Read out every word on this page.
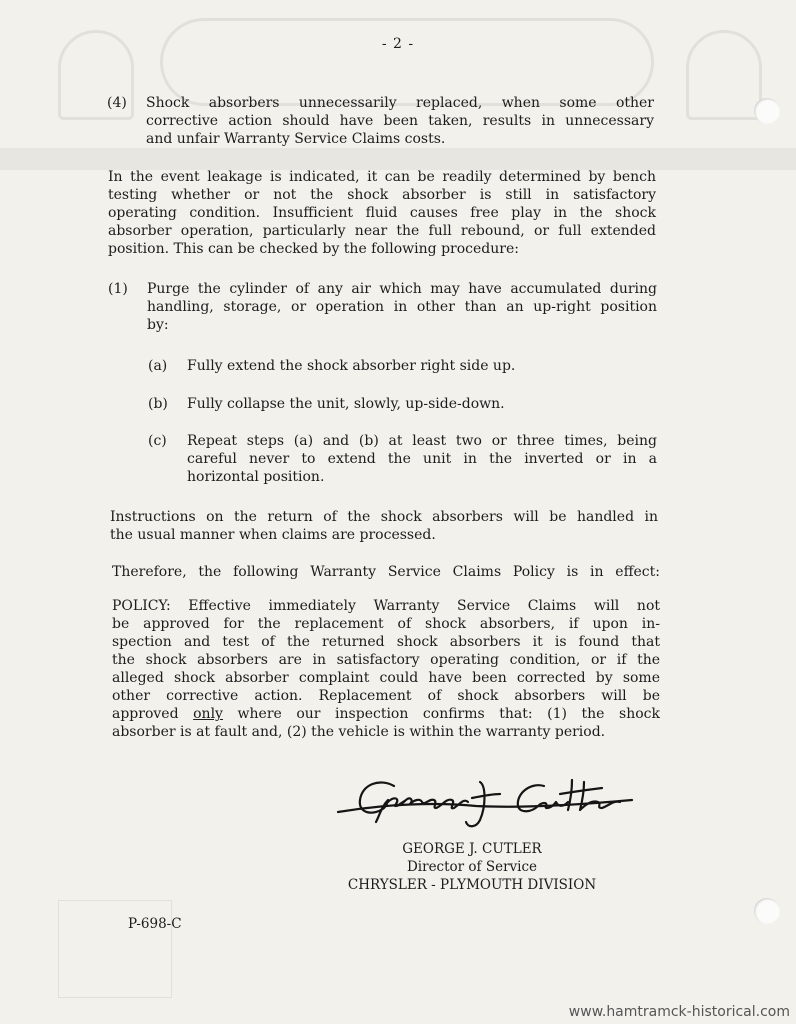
- 2 -
(4) Shock absorbers unnecessarily replaced, when some other
corrective action should have been taken, results in unnecessary
and unfair Warranty Service Claims costs.
In the event leakage is indicated, it can be readily determined by bench
testing whether or not the shock absorber is still in satisfactory
operating condition. Insufficient fluid causes free play in the shock
absorber operation, particularly near the full rebound, or full extended
position. This can be checked by the following procedure:
(1) Purge the cylinder of any air which may have accumulated during
handling, storage, or operation in other than an up-right position
by:
(a) Fully extend the shock absorber right side up.
(b) Fully collapse the unit, slowly, up-side-down.
(c) Repeat steps (a) and (b) at least two or three times, being
careful never to extend the unit in the inverted or in a
horizontal position.
Instructions on the return of the shock absorbers will be handled in
the usual manner when claims are processed.
Therefore, the following Warranty Service Claims Policy is in effect:
POLICY: Effective immediately Warranty Service Claims will not
be approved for the replacement of shock absorbers, if upon in-
spection and test of the returned shock absorbers it is found that
the shock absorbers are in satisfactory operating condition, or if the
alleged shock absorber complaint could have been corrected by some
other corrective action. Replacement of shock absorbers will be
approved only where our inspection confirms that: (1) the shock
absorber is at fault and, (2) the vehicle is within the warranty period.
GEORGE J. CUTLER
Director of Service
CHRYSLER - PLYMOUTH DIVISION
P-698-C
www.hamtramck-historical.com
